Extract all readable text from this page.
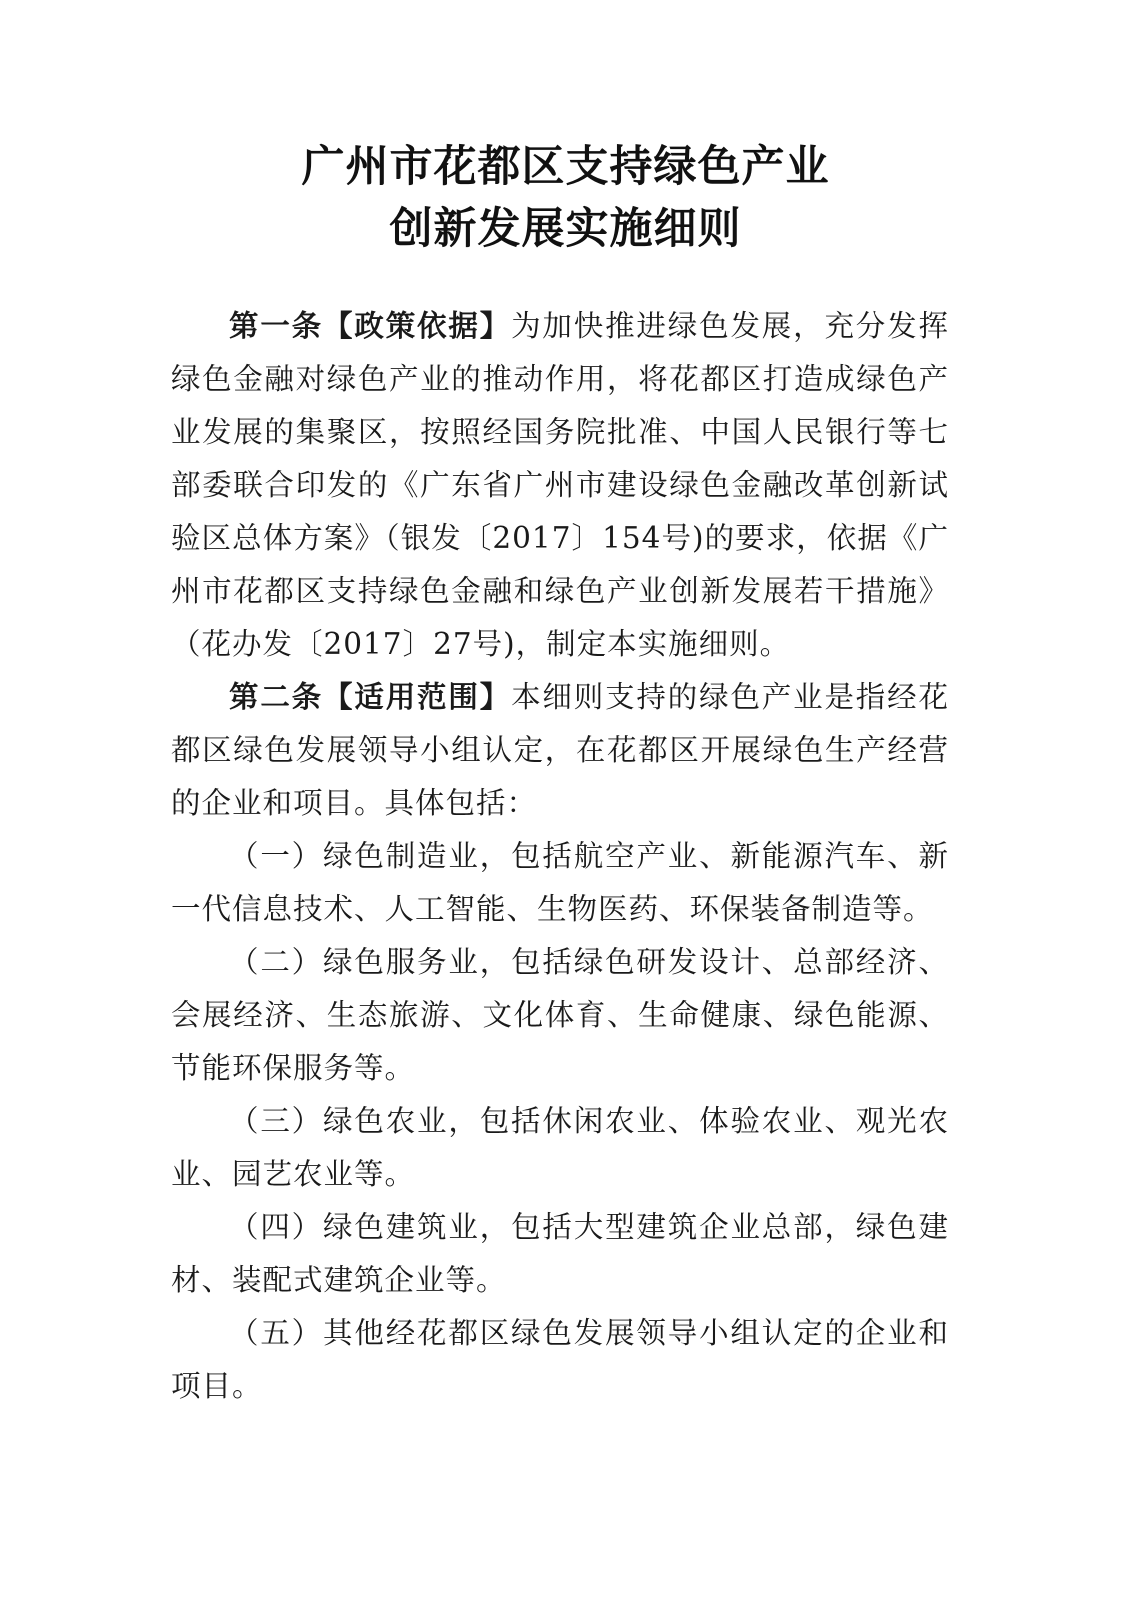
广州市花都区支持绿色产业
创新发展实施细则

第一条【政策依据】为加快推进绿色发展，充分发挥绿色金融对绿色产业的推动作用，将花都区打造成绿色产业发展的集聚区，按照经国务院批准、中国人民银行等七部委联合印发的《广东省广州市建设绿色金融改革创新试验区总体方案》（银发〔2017〕154号)的要求，依据《广州市花都区支持绿色金融和绿色产业创新发展若干措施》（花办发〔2017〕27号)，制定本实施细则。

第二条【适用范围】本细则支持的绿色产业是指经花都区绿色发展领导小组认定，在花都区开展绿色生产经营的企业和项目。具体包括：

（一）绿色制造业，包括航空产业、新能源汽车、新一代信息技术、人工智能、生物医药、环保装备制造等。

（二）绿色服务业，包括绿色研发设计、总部经济、会展经济、生态旅游、文化体育、生命健康、绿色能源、节能环保服务等。

（三）绿色农业，包括休闲农业、体验农业、观光农业、园艺农业等。

（四）绿色建筑业，包括大型建筑企业总部，绿色建材、装配式建筑企业等。

（五）其他经花都区绿色发展领导小组认定的企业和项目。
